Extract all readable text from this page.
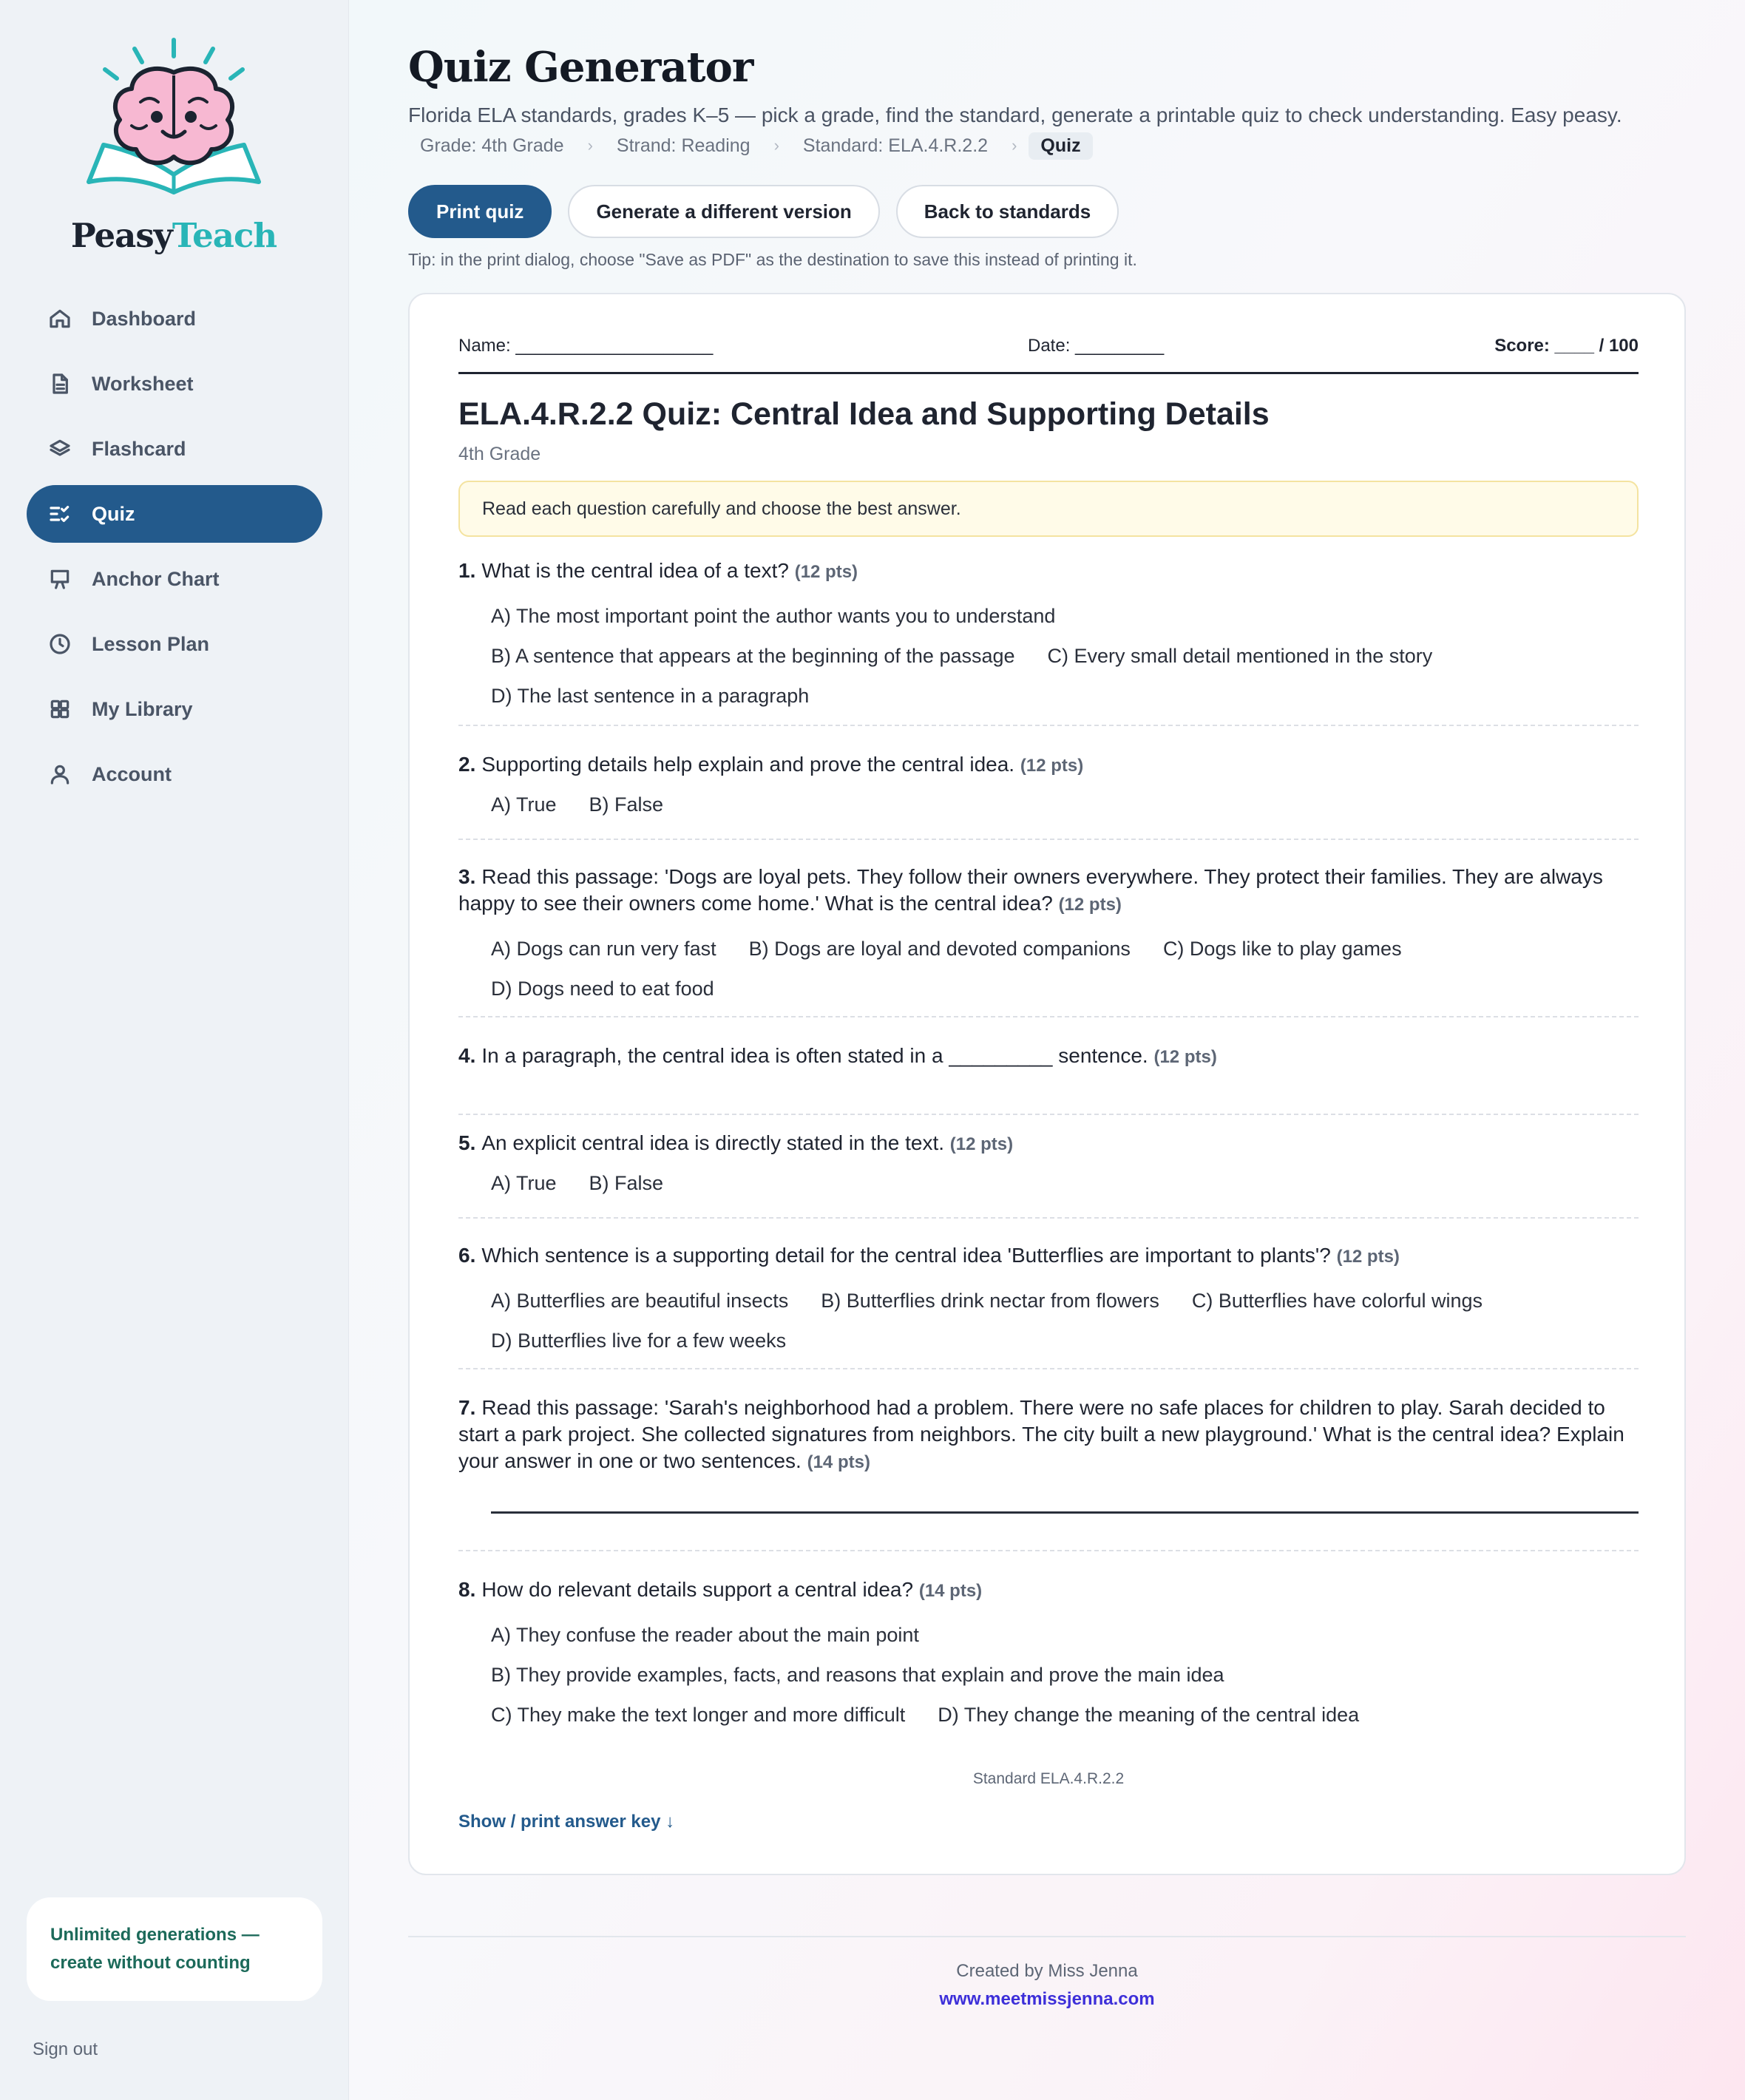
PeasyTeach
Dashboard
Worksheet
Flashcard
Quiz
Anchor Chart
Lesson Plan
My Library
Account
Unlimited generations — create without counting
Sign out
Quiz Generator
Florida ELA standards, grades K–5 — pick a grade, find the standard, generate a printable quiz to check understanding. Easy peasy.
Grade: 4th Grade	›	Strand: Reading	›	Standard: ELA.4.R.2.2	›	Quiz
Print quiz	Generate a different version	Back to standards
Tip: in the print dialog, choose "Save as PDF" as the destination to save this instead of printing it.
Name: ____________________	Date: _________	Score: ____ / 100
ELA.4.R.2.2 Quiz: Central Idea and Supporting Details
4th Grade
Read each question carefully and choose the best answer.
1. What is the central idea of a text? (12 pts)
A) The most important point the author wants you to understand
B) A sentence that appears at the beginning of the passage C) Every small detail mentioned in the story
D) The last sentence in a paragraph
2. Supporting details help explain and prove the central idea. (12 pts)
A) True B) False
3. Read this passage: 'Dogs are loyal pets. They follow their owners everywhere. They protect their families. They are always happy to see their owners come home.' What is the central idea? (12 pts)
A) Dogs can run very fast B) Dogs are loyal and devoted companions C) Dogs like to play games
D) Dogs need to eat food
4. In a paragraph, the central idea is often stated in a _________ sentence. (12 pts)
5. An explicit central idea is directly stated in the text. (12 pts)
A) True B) False
6. Which sentence is a supporting detail for the central idea 'Butterflies are important to plants'? (12 pts)
A) Butterflies are beautiful insects B) Butterflies drink nectar from flowers C) Butterflies have colorful wings
D) Butterflies live for a few weeks
7. Read this passage: 'Sarah's neighborhood had a problem. There were no safe places for children to play. Sarah decided to start a park project. She collected signatures from neighbors. The city built a new playground.' What is the central idea? Explain your answer in one or two sentences. (14 pts)
8. How do relevant details support a central idea? (14 pts)
A) They confuse the reader about the main point
B) They provide examples, facts, and reasons that explain and prove the main idea
C) They make the text longer and more difficult D) They change the meaning of the central idea
Standard ELA.4.R.2.2
Show / print answer key ↓
Created by Miss Jenna
www.meetmissjenna.com
